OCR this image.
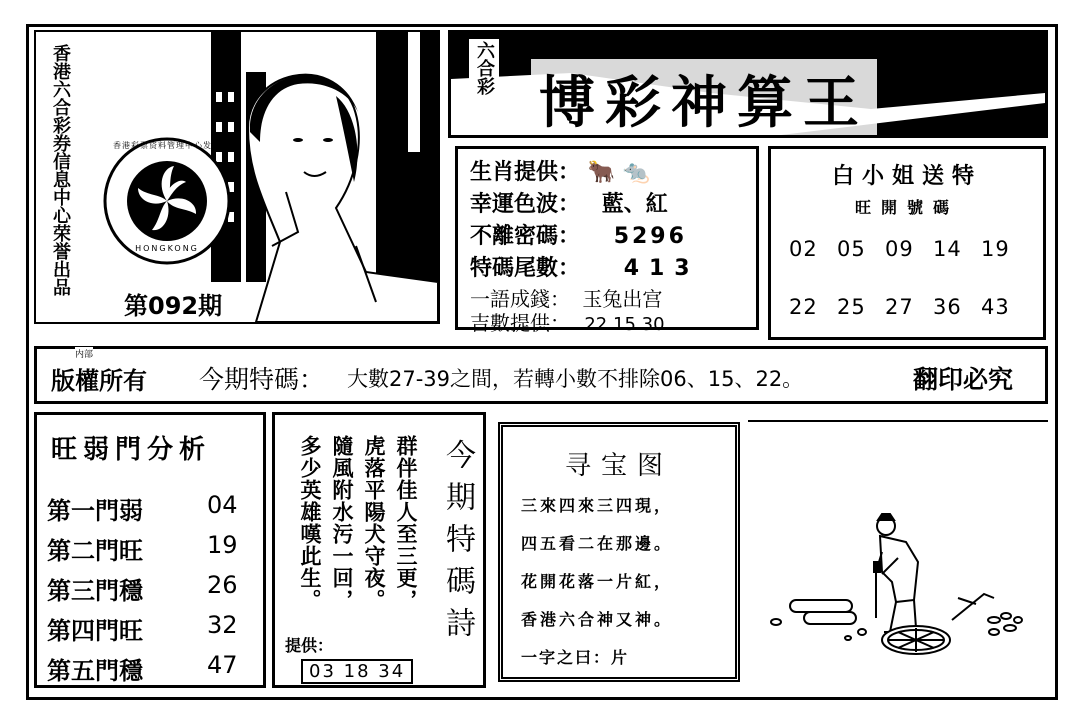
香港六合彩券信息中心荣誉出品	香港彩票资料管理中心发行
HONGKONG
第092期
六合彩
博彩神算王
生肖提供： 🐂 🐀
幸運色波： 藍、紅
不離密碼： 5296
特碼尾數： 413
一語成錢： 玉兔出宫
吉數提供： 22 15 30
白小姐送特
旺開號碼
02 05 09 14 19
22 25 27 36 43
内部
版權所有 今期特碼： 大數27-39之間，若轉小數不排除06、15、22。	翻印必究
旺弱門分析
第一門弱	04
第二門旺	19
第三門穩	26
第四門旺	32
第五門穩	47
群伴佳人至三更，
虎落平陽犬守夜。
隨風附水污一回，
多少英雄嘆此生。	今期特碼詩
提供：
03 18 34
寻宝图
三來四來三四現，
四五看二在那邊。
花開花落一片紅，
香港六合神又神。
一字之曰：片
